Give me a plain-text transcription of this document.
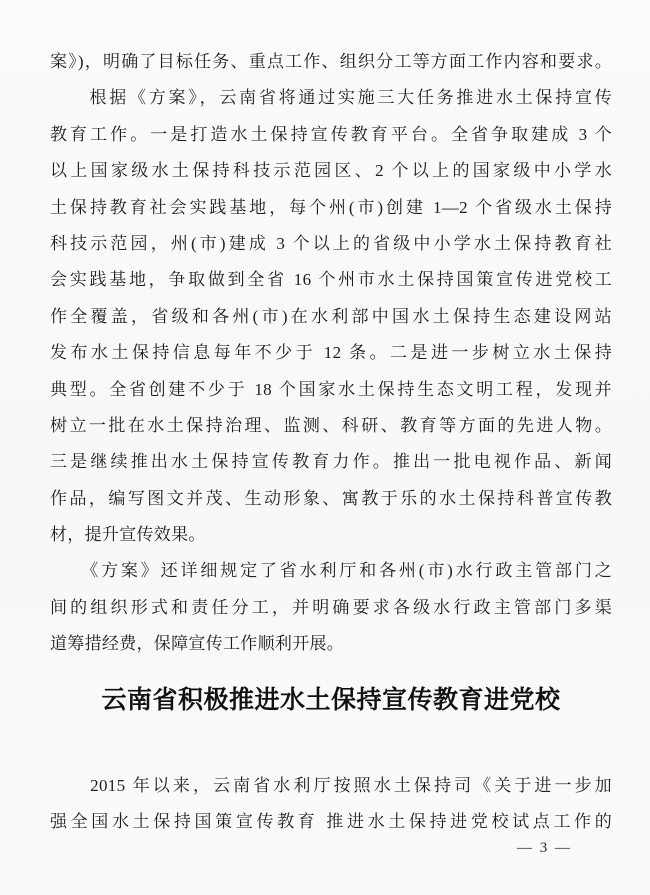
案》)，明确了目标任务、重点工作、组织分工等方面工作内容和要求。
　　根据《方案》，云南省将通过实施三大任务推进水土保持宣传
教育工作。一是打造水土保持宣传教育平台。全省争取建成 3 个
以上国家级水土保持科技示范园区、2 个以上的国家级中小学水
土保持教育社会实践基地，每个州(市)创建 1—2 个省级水土保持
科技示范园，州(市)建成 3 个以上的省级中小学水土保持教育社
会实践基地，争取做到全省 16 个州市水土保持国策宣传进党校工
作全覆盖，省级和各州(市)在水利部中国水土保持生态建设网站
发布水土保持信息每年不少于 12 条。二是进一步树立水土保持
典型。全省创建不少于 18 个国家水土保持生态文明工程，发现并
树立一批在水土保持治理、监测、科研、教育等方面的先进人物。
三是继续推出水土保持宣传教育力作。推出一批电视作品、新闻
作品，编写图文并茂、生动形象、寓教于乐的水土保持科普宣传教
材，提升宣传效果。
　　《方案》还详细规定了省水利厅和各州(市)水行政主管部门之
间的组织形式和责任分工，并明确要求各级水行政主管部门多渠
道筹措经费，保障宣传工作顺利开展。
云南省积极推进水土保持宣传教育进党校
　　2015 年以来，云南省水利厅按照水土保持司《关于进一步加
强全国水土保持国策宣传教育 推进水土保持进党校试点工作的
— 3 —
